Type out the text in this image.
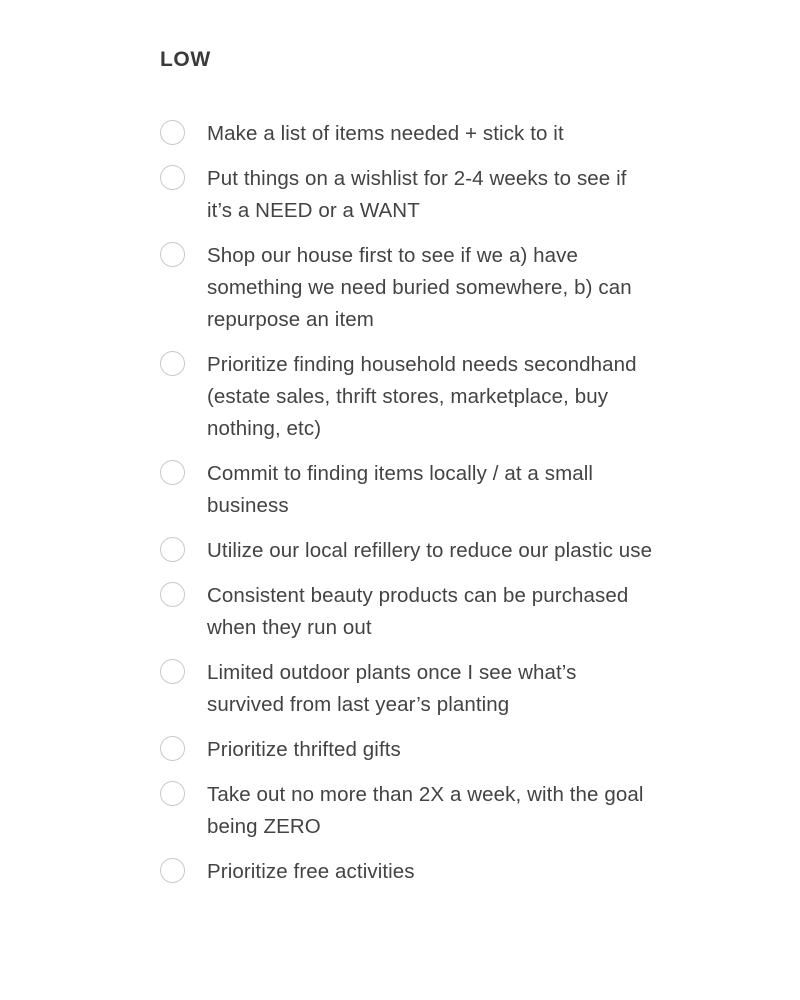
LOW
Make a list of items needed + stick to it
Put things on a wishlist for 2-4 weeks to see if it’s a NEED or a WANT
Shop our house first to see if we a) have something we need buried somewhere, b) can repurpose an item
Prioritize finding household needs secondhand (estate sales, thrift stores, marketplace, buy nothing, etc)
Commit to finding items locally / at a small business
Utilize our local refillery to reduce our plastic use
Consistent beauty products can be purchased when they run out
Limited outdoor plants once I see what’s survived from last year’s planting
Prioritize thrifted gifts
Take out no more than 2X a week, with the goal being ZERO
Prioritize free activities
